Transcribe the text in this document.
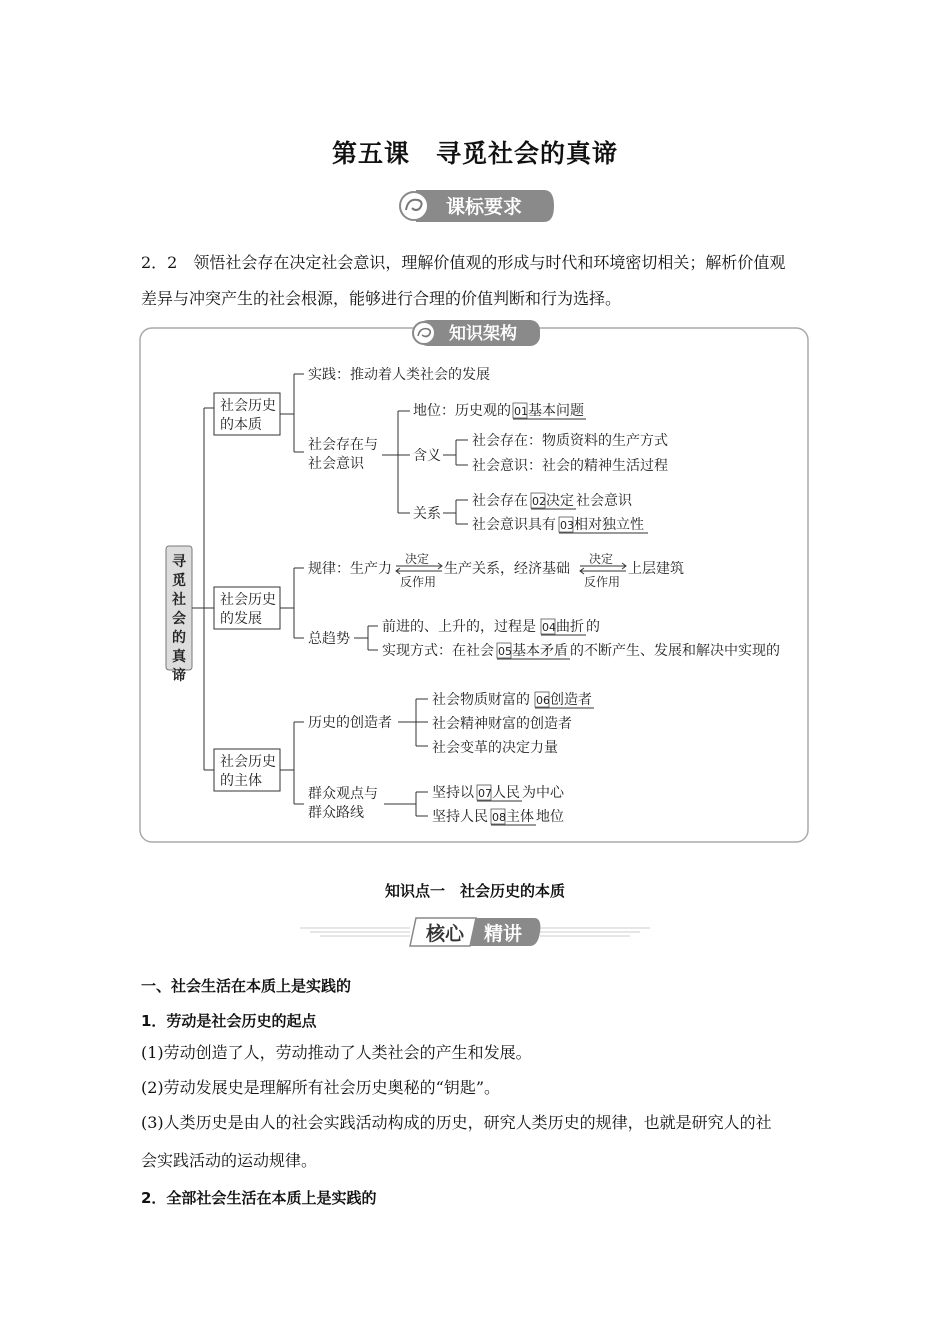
第五课　寻觅社会的真谛
课标要求
2．2　领悟社会存在决定社会意识，理解价值观的形成与时代和环境密切相关；解析价值观
差异与冲突产生的社会根源，能够进行合理的价值判断和行为选择。
知识架构
寻
觅
社
会
的
真
谛
社会历史
的本质
实践：推动着人类社会的发展
社会存在与
社会意识
地位：历史观的 01 基本问题
含义
社会存在：物质资料的生产方式
社会意识：社会的精神生活过程
关系
社会存在 02 决定 社会意识
社会意识具有 03 相对独立性
社会历史
的发展
规律：生产力
决定
反作用
生产关系，经济基础
决定
反作用
上层建筑
总趋势
前进的、上升的，过程是 04 曲折 的
实现方式：在社会 05 基本矛盾 的不断产生、发展和解决中实现的
社会历史
的主体
历史的创造者
社会物质财富的 06 创造者
社会精神财富的创造者
社会变革的决定力量
群众观点与
群众路线
坚持以 07 人民 为中心
坚持人民 08 主体 地位
核心 精讲
知识点一　社会历史的本质
一、社会生活在本质上是实践的
1．劳动是社会历史的起点
(1)劳动创造了人，劳动推动了人类社会的产生和发展。
(2)劳动发展史是理解所有社会历史奥秘的“钥匙”。
(3)人类历史是由人的社会实践活动构成的历史，研究人类历史的规律，也就是研究人的社
会实践活动的运动规律。
2．全部社会生活在本质上是实践的
